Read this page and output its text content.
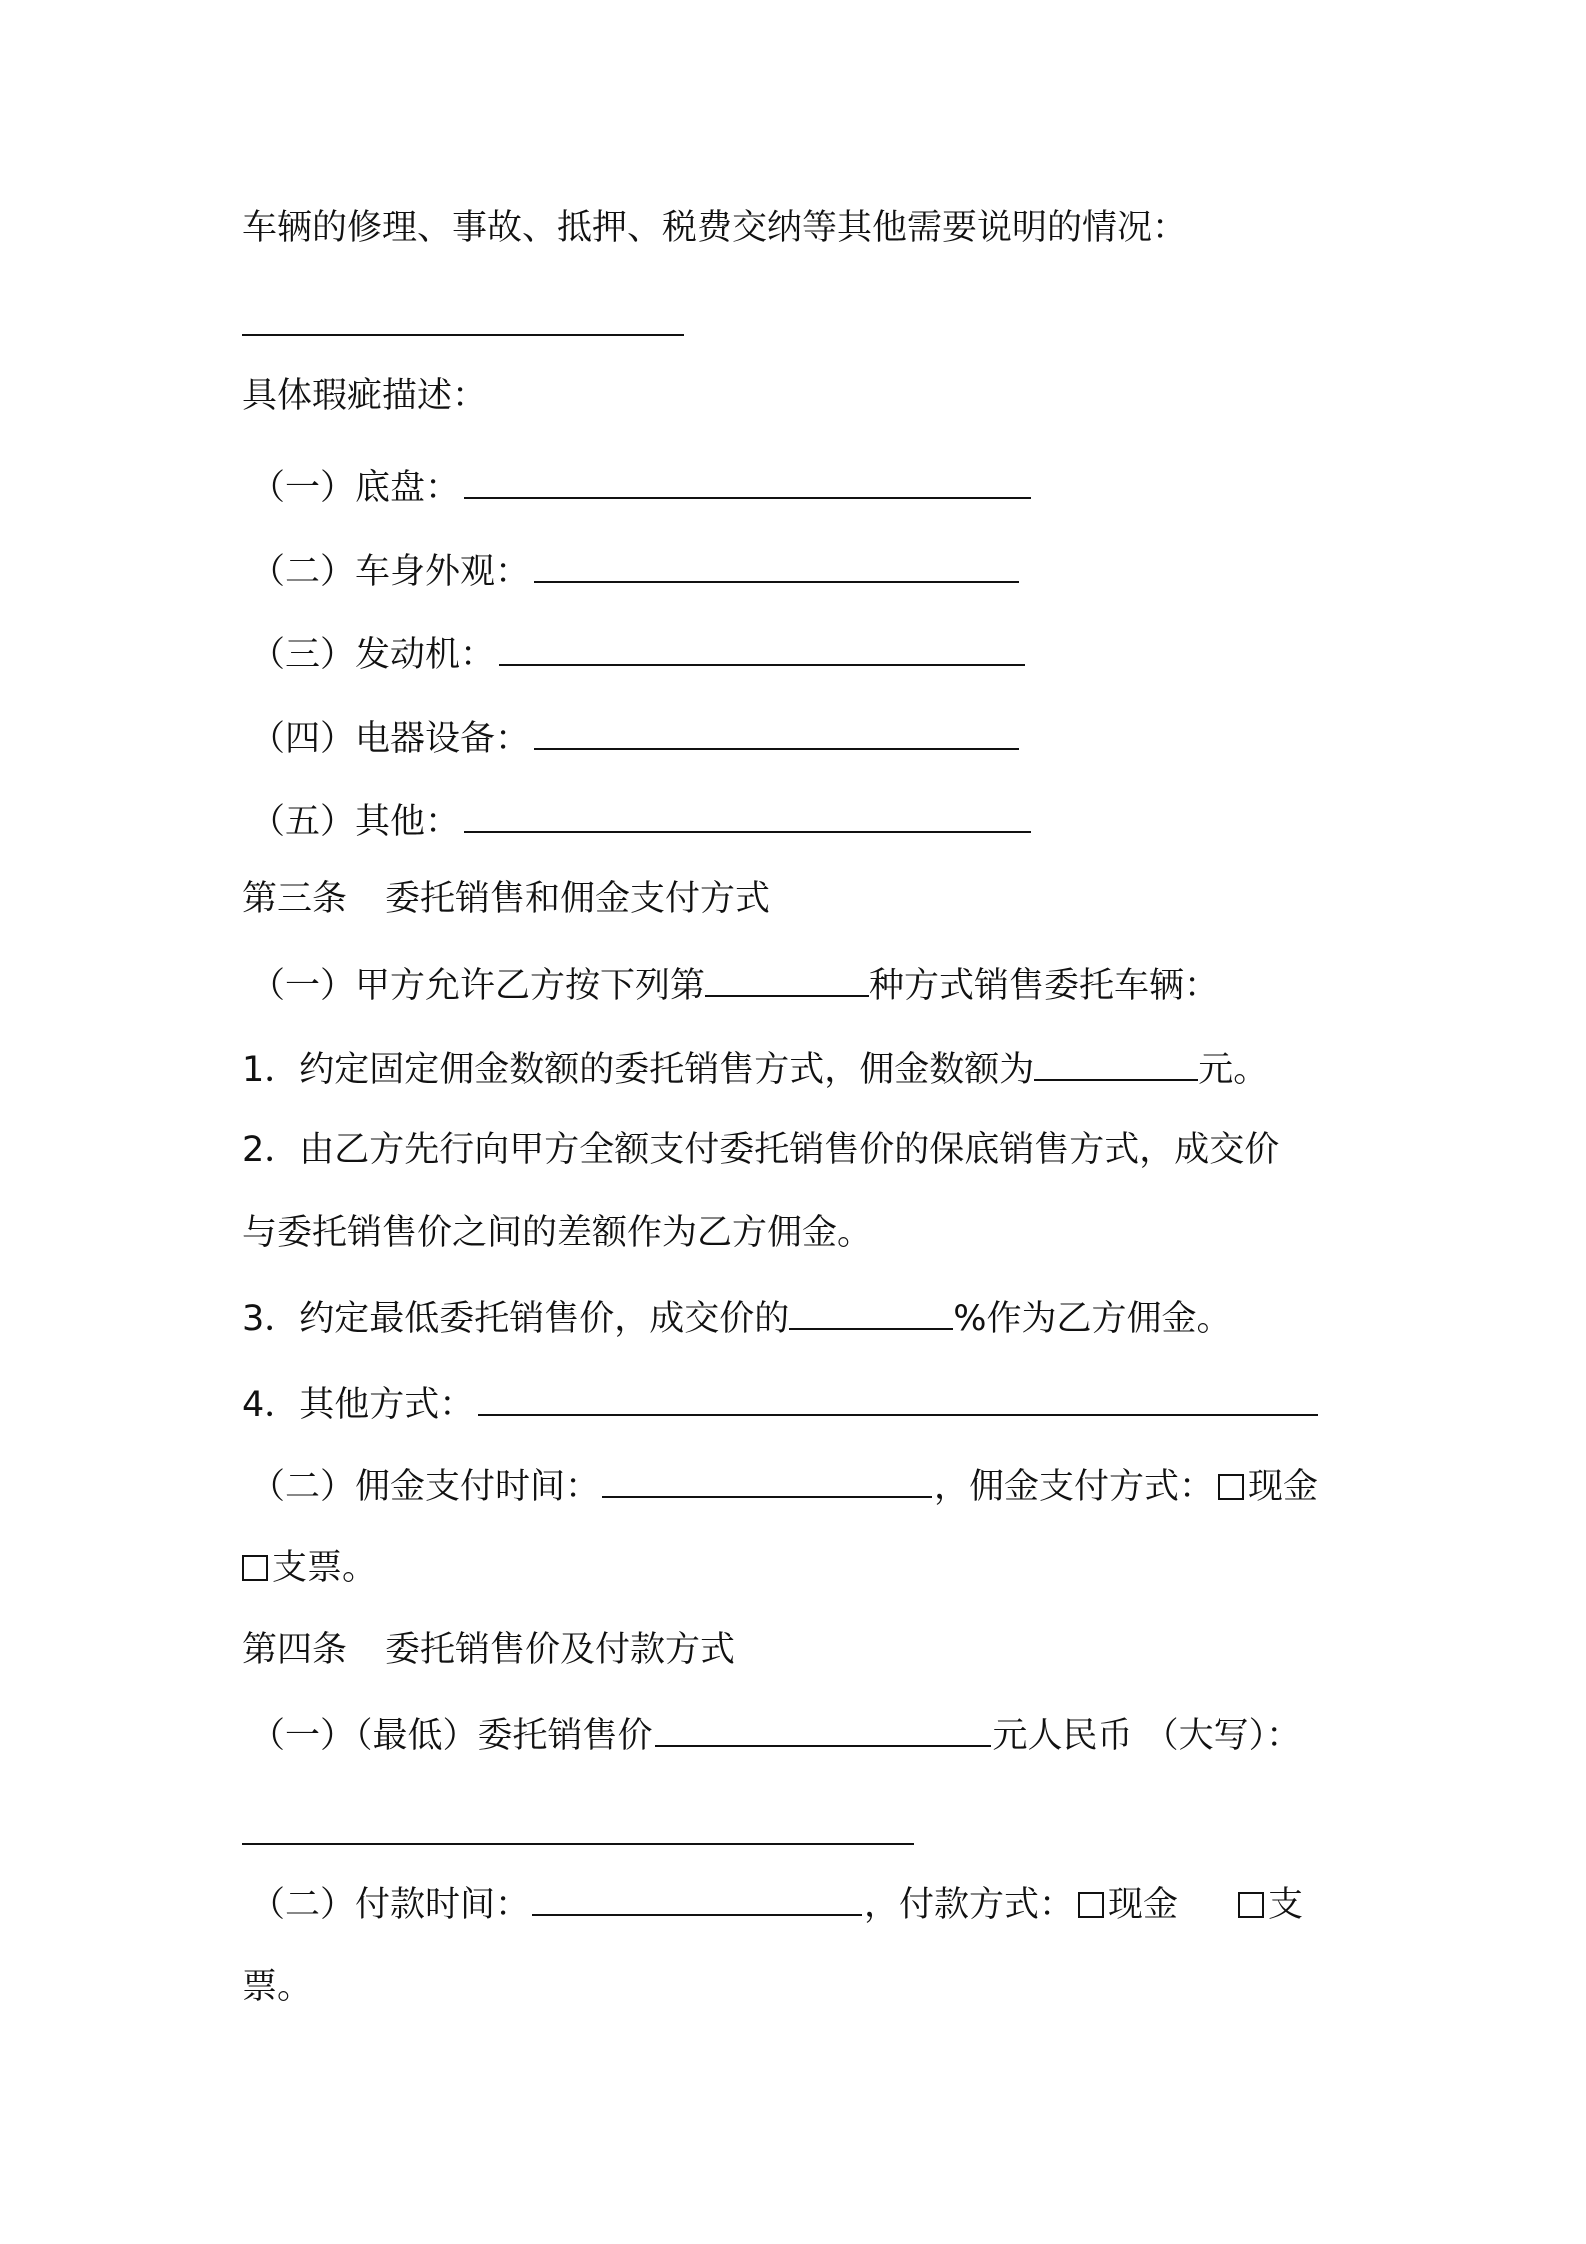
车辆的修理、事故、抵押、税费交纳等其他需要说明的情况：
具体瑕疵描述：
（一）底盘：
（二）车身外观：
（三）发动机：
（四）电器设备：
（五）其他：
第三条 委托销售和佣金支付方式
（一）甲方允许乙方按下列第	种方式销售委托车辆：
1．约定固定佣金数额的委托销售方式，佣金数额为	元。
2．由乙方先行向甲方全额支付委托销售价的保底销售方式，成交价
与委托销售价之间的差额作为乙方佣金。
3．约定最低委托销售价，成交价的	%作为乙方佣金。
4．其他方式：
（二）佣金支付时间：	，佣金支付方式： 现金
支票。
第四条 委托销售价及付款方式
（一）（最低）委托销售价	元人民币 （大写）：
（二）付款时间：	，付款方式： 现金	支
票。
